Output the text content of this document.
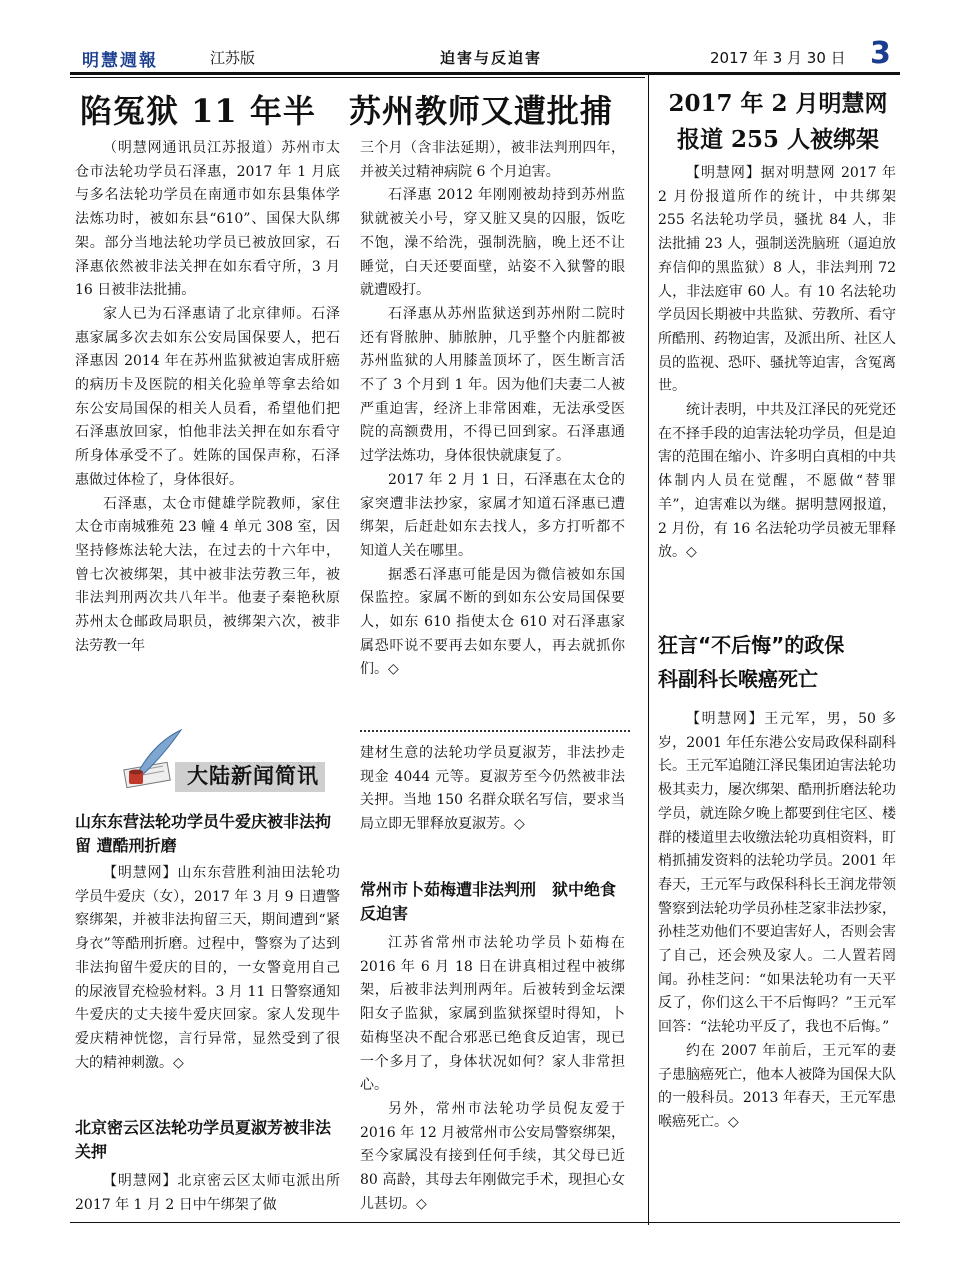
明慧週報	江苏版	迫害与反迫害	2017 年 3 月 30 日 3
陷冤狱 11 年半　苏州教师又遭批捕

（明慧网通讯员江苏报道）苏州市太仓市法轮功学员石泽惠，2017 年 1 月底与多名法轮功学员在南通市如东县集体学法炼功时，被如东县“610”、国保大队绑架。部分当地法轮功学员已被放回家，石泽惠依然被非法关押在如东看守所，3 月 16 日被非法批捕。

家人已为石泽惠请了北京律师。石泽惠家属多次去如东公安局国保要人，把石泽惠因 2014 年在苏州监狱被迫害成肝癌的病历卡及医院的相关化验单等拿去给如东公安局国保的相关人员看，希望他们把石泽惠放回家，怕他非法关押在如东看守所身体承受不了。姓陈的国保声称，石泽惠做过体检了，身体很好。

石泽惠，太仓市健雄学院教师，家住太仓市南城雅苑 23 幢 4 单元 308 室，因坚持修炼法轮大法，在过去的十六年中，曾七次被绑架，其中被非法劳教三年，被非法判刑两次共八年半。他妻子秦艳秋原苏州太仓邮政局职员，被绑架六次，被非法劳教一年

三个月（含非法延期），被非法判刑四年，并被关过精神病院 6 个月迫害。

石泽惠 2012 年刚刚被劫持到苏州监狱就被关小号，穿又脏又臭的囚服，饭吃不饱，澡不给洗，强制洗脑，晚上还不让睡觉，白天还要面壁，站姿不入狱警的眼就遭殴打。

石泽惠从苏州监狱送到苏州附二院时还有肾脓肿、肺脓肿，几乎整个内脏都被苏州监狱的人用膝盖顶坏了，医生断言活不了 3 个月到 1 年。因为他们夫妻二人被严重迫害，经济上非常困难，无法承受医院的高额费用，不得已回到家。石泽惠通过学法炼功，身体很快就康复了。

2017 年 2 月 1 日，石泽惠在太仓的家突遭非法抄家，家属才知道石泽惠已遭绑架，后赶赴如东去找人，多方打听都不知道人关在哪里。

据悉石泽惠可能是因为微信被如东国保监控。家属不断的到如东公安局国保要人，如东 610 指使太仓 610 对石泽惠家属恐吓说不要再去如东要人，再去就抓你们。◇

大陆新闻简讯
山东东营法轮功学员牛爱庆被非法拘留 遭酷刑折磨

【明慧网】山东东营胜利油田法轮功学员牛爱庆（女），2017 年 3 月 9 日遭警察绑架，并被非法拘留三天，期间遭到“紧身衣”等酷刑折磨。过程中，警察为了达到非法拘留牛爱庆的目的，一女警竟用自己的尿液冒充检验材料。3 月 11 日警察通知牛爱庆的丈夫接牛爱庆回家。家人发现牛爱庆精神恍惚，言行异常，显然受到了很大的精神刺激。◇

北京密云区法轮功学员夏淑芳被非法关押

【明慧网】北京密云区太师屯派出所 2017 年 1 月 2 日中午绑架了做

建材生意的法轮功学员夏淑芳，非法抄走现金 4044 元等。夏淑芳至今仍然被非法关押。当地 150 名群众联名写信，要求当局立即无罪释放夏淑芳。◇

常州市卜茹梅遭非法判刑　狱中绝食反迫害

江苏省常州市法轮功学员卜茹梅在 2016 年 6 月 18 日在讲真相过程中被绑架，后被非法判刑两年。后被转到金坛溧阳女子监狱，家属到监狱探望时得知，卜茹梅坚决不配合邪恶已绝食反迫害，现已一个多月了，身体状况如何？家人非常担心。

另外，常州市法轮功学员倪友爱于 2016 年 12 月被常州市公安局警察绑架，至今家属没有接到任何手续，其父母已近 80 高龄，其母去年刚做完手术，现担心女儿甚切。◇

2017 年 2 月明慧网
报道 255 人被绑架

【明慧网】据对明慧网 2017 年 2 月份报道所作的统计，中共绑架 255 名法轮功学员，骚扰 84 人，非法批捕 23 人，强制送洗脑班（逼迫放弃信仰的黑监狱）8 人，非法判刑 72 人，非法庭审 60 人。有 10 名法轮功学员因长期被中共监狱、劳教所、看守所酷刑、药物迫害，及派出所、社区人员的监视、恐吓、骚扰等迫害，含冤离世。

统计表明，中共及江泽民的死党还在不择手段的迫害法轮功学员，但是迫害的范围在缩小、许多明白真相的中共体制内人员在觉醒，不愿做“替罪羊”，迫害难以为继。据明慧网报道，2 月份，有 16 名法轮功学员被无罪释放。◇

狂言“不后悔”的政保
科副科长喉癌死亡

【明慧网】王元军，男，50 多岁，2001 年任东港公安局政保科副科长。王元军追随江泽民集团迫害法轮功极其卖力，屡次绑架、酷刑折磨法轮功学员，就连除夕晚上都要到住宅区、楼群的楼道里去收缴法轮功真相资料，盯梢抓捕发资料的法轮功学员。2001 年春天，王元军与政保科科长王润龙带领警察到法轮功学员孙桂芝家非法抄家，孙桂芝劝他们不要迫害好人，否则会害了自己，还会殃及家人。二人置若罔闻。孙桂芝问：“如果法轮功有一天平反了，你们这么干不后悔吗？”王元军回答：“法轮功平反了，我也不后悔。”

约在 2007 年前后，王元军的妻子患脑癌死亡，他本人被降为国保大队的一般科员。2013 年春天，王元军患喉癌死亡。◇
